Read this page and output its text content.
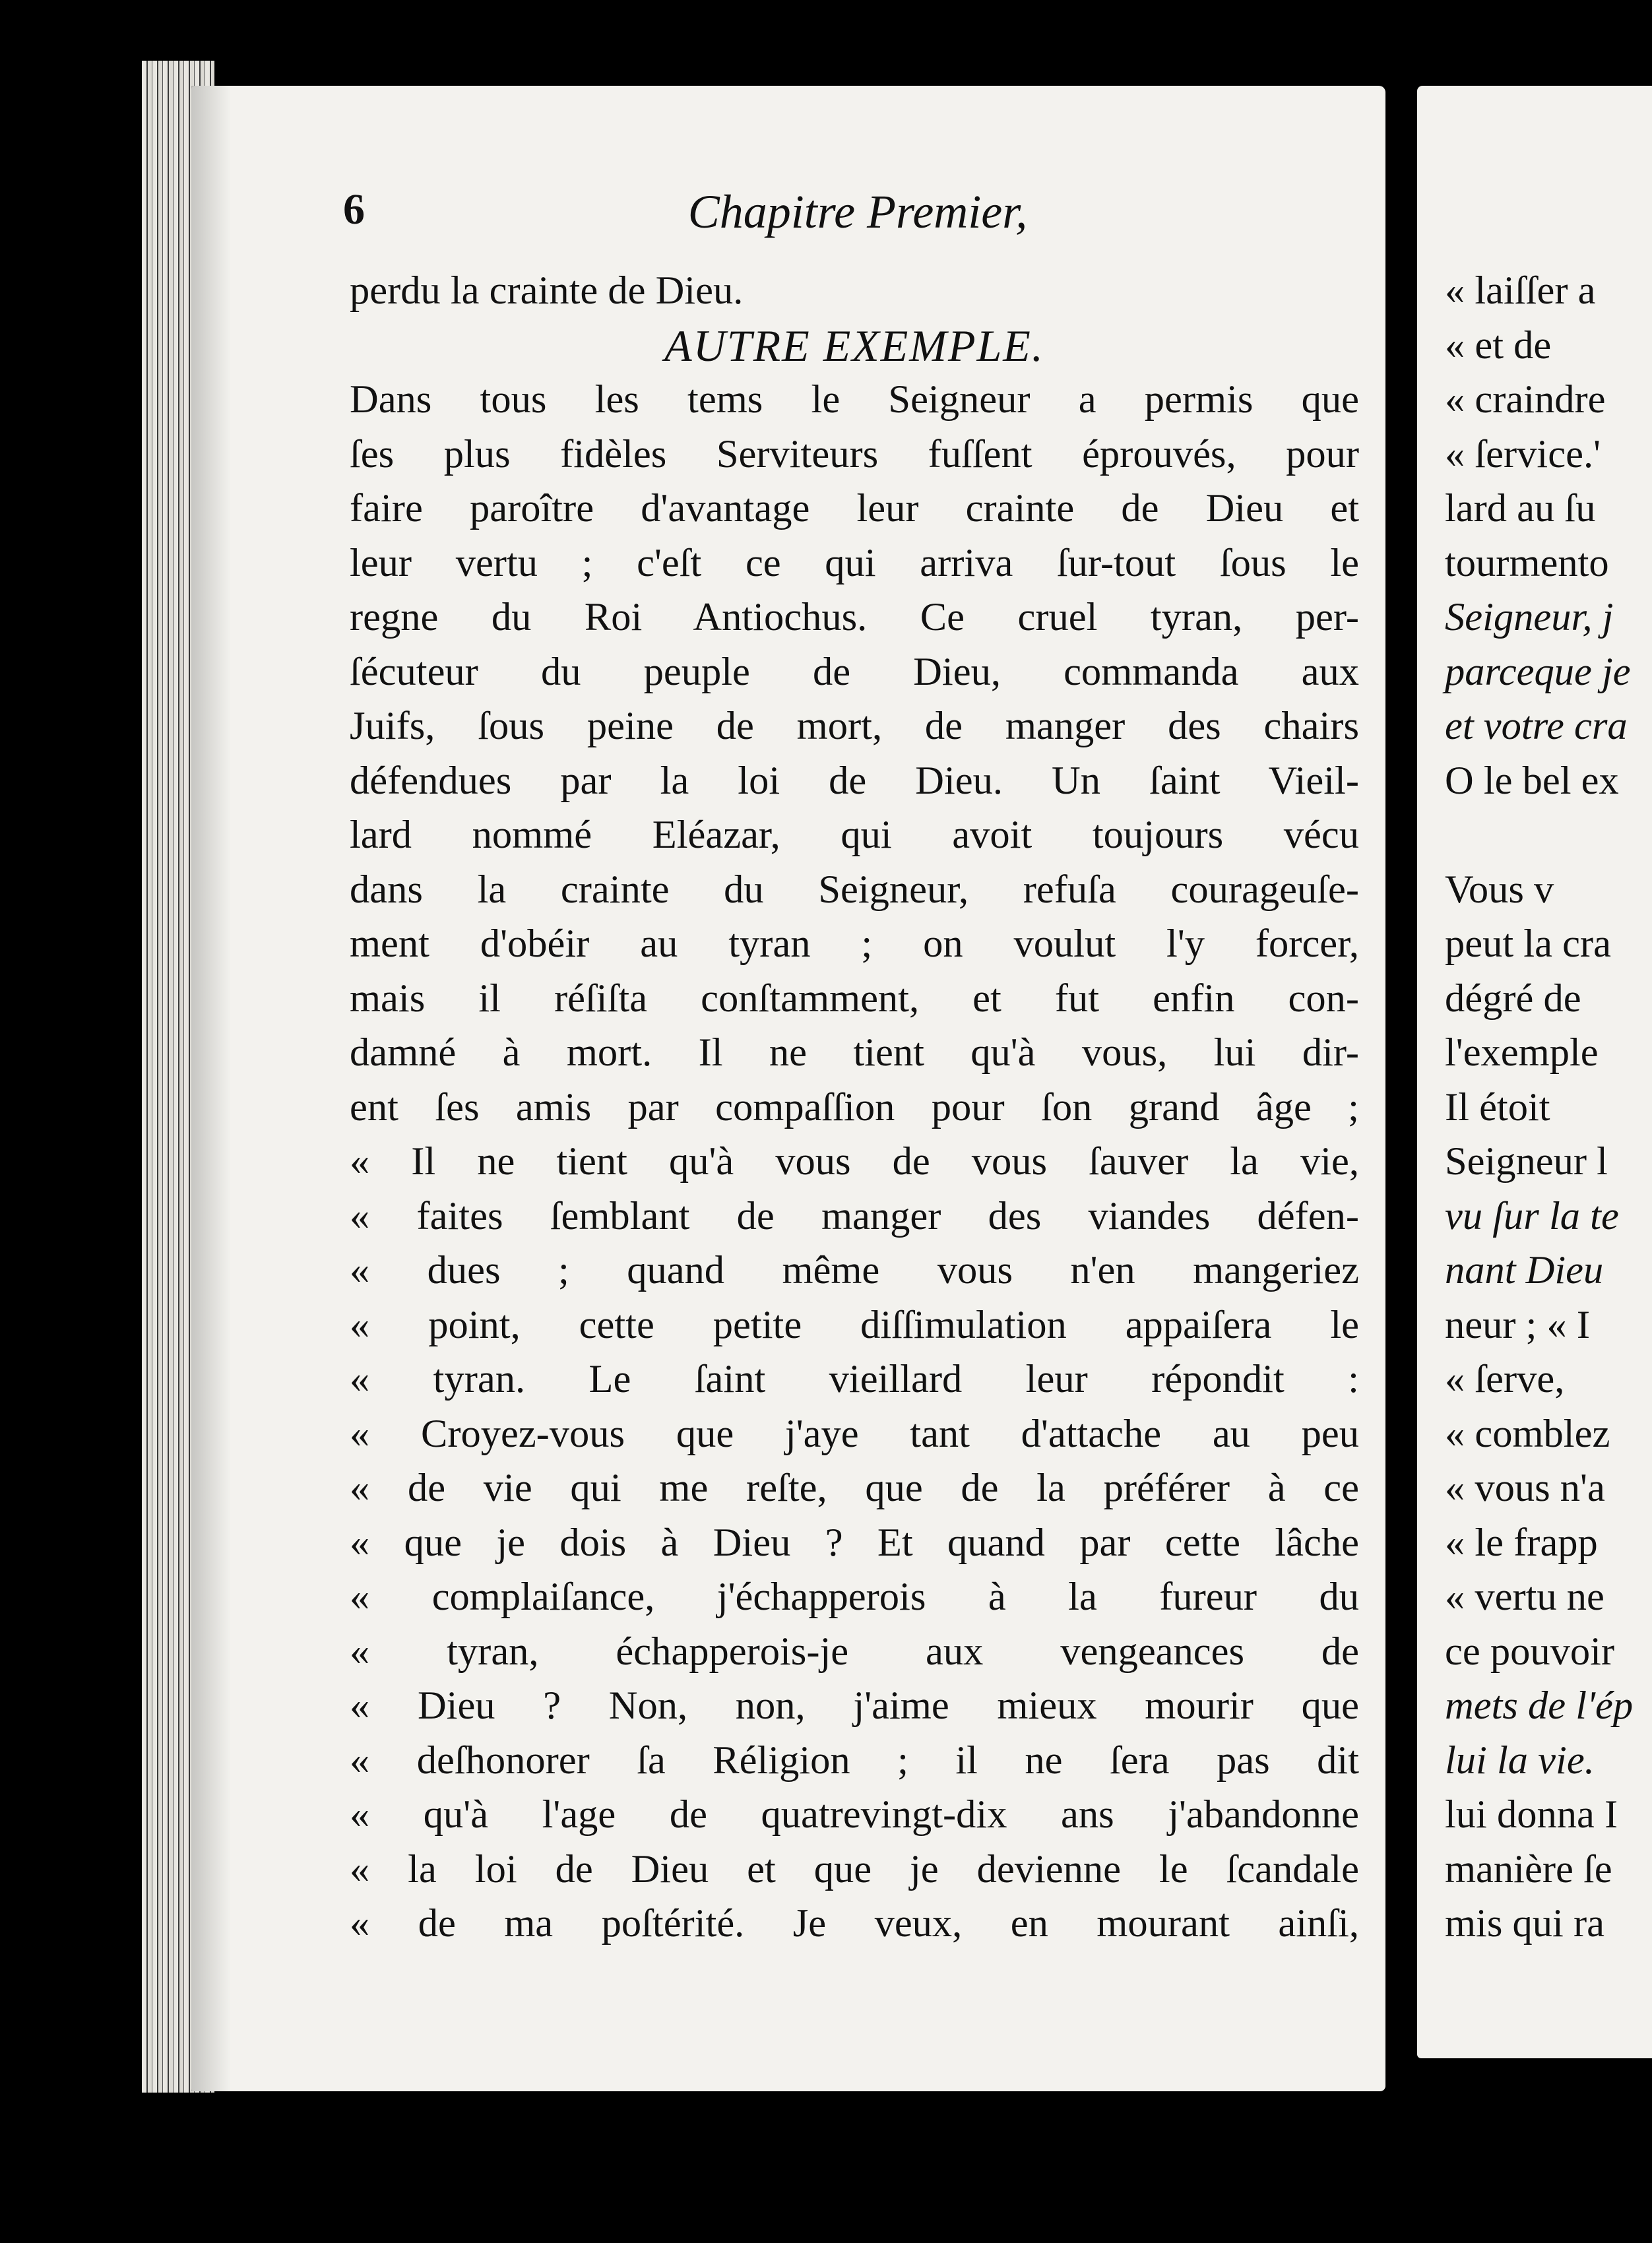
6	Chapitre Premier,
perdu la crainte de Dieu.
AUTRE EXEMPLE.
Dans tous les tems le Seigneur a permis que
ſes plus fidèles Serviteurs fuſſent éprouvés, pour
faire paroître d'avantage leur crainte de Dieu et
leur vertu ; c'eſt ce qui arriva ſur-tout ſous le
regne du Roi Antiochus. Ce cruel tyran, per-
ſécuteur du peuple de Dieu, commanda aux
Juifs, ſous peine de mort, de manger des chairs
défendues par la loi de Dieu. Un ſaint Vieil-
lard nommé Eléazar, qui avoit toujours vécu
dans la crainte du Seigneur, refuſa courageuſe-
ment d'obéir au tyran ; on voulut l'y forcer,
mais il réſiſta conſtamment, et fut enfin con-
damné à mort. Il ne tient qu'à vous, lui dir-
ent ſes amis par compaſſion pour ſon grand âge ;
« Il ne tient qu'à vous de vous ſauver la vie,
« faites ſemblant de manger des viandes défen-
« dues ; quand même vous n'en mangeriez
« point, cette petite diſſimulation appaiſera le
« tyran. Le ſaint vieillard leur répondit :
« Croyez-vous que j'aye tant d'attache au peu
« de vie qui me reſte, que de la préférer à ce
« que je dois à Dieu ? Et quand par cette lâche
« complaiſance, j'échapperois à la fureur du
« tyran, échapperois-je aux vengeances de
« Dieu ? Non, non, j'aime mieux mourir que
« deſhonorer ſa Réligion ; il ne ſera pas dit
« qu'à l'age de quatrevingt-dix ans j'abandonne
« la loi de Dieu et que je devienne le ſcandale
« de ma poſtérité. Je veux, en mourant ainſi,
« laiſſer a
« et de
« craindre
« ſervice.'
lard au ſu
tourmento
Seigneur, j
parceque je
et votre cra
O le bel ex
Vous v
peut la cra
dégré de
l'exemple
Il étoit
Seigneur l
vu ſur la te
nant Dieu
neur ; « I
« ſerve,
« comblez
« vous n'a
« le frapp
« vertu ne
ce pouvoir
mets de l'ép
lui la vie.
lui donna I
manière ſe
mis qui ra
